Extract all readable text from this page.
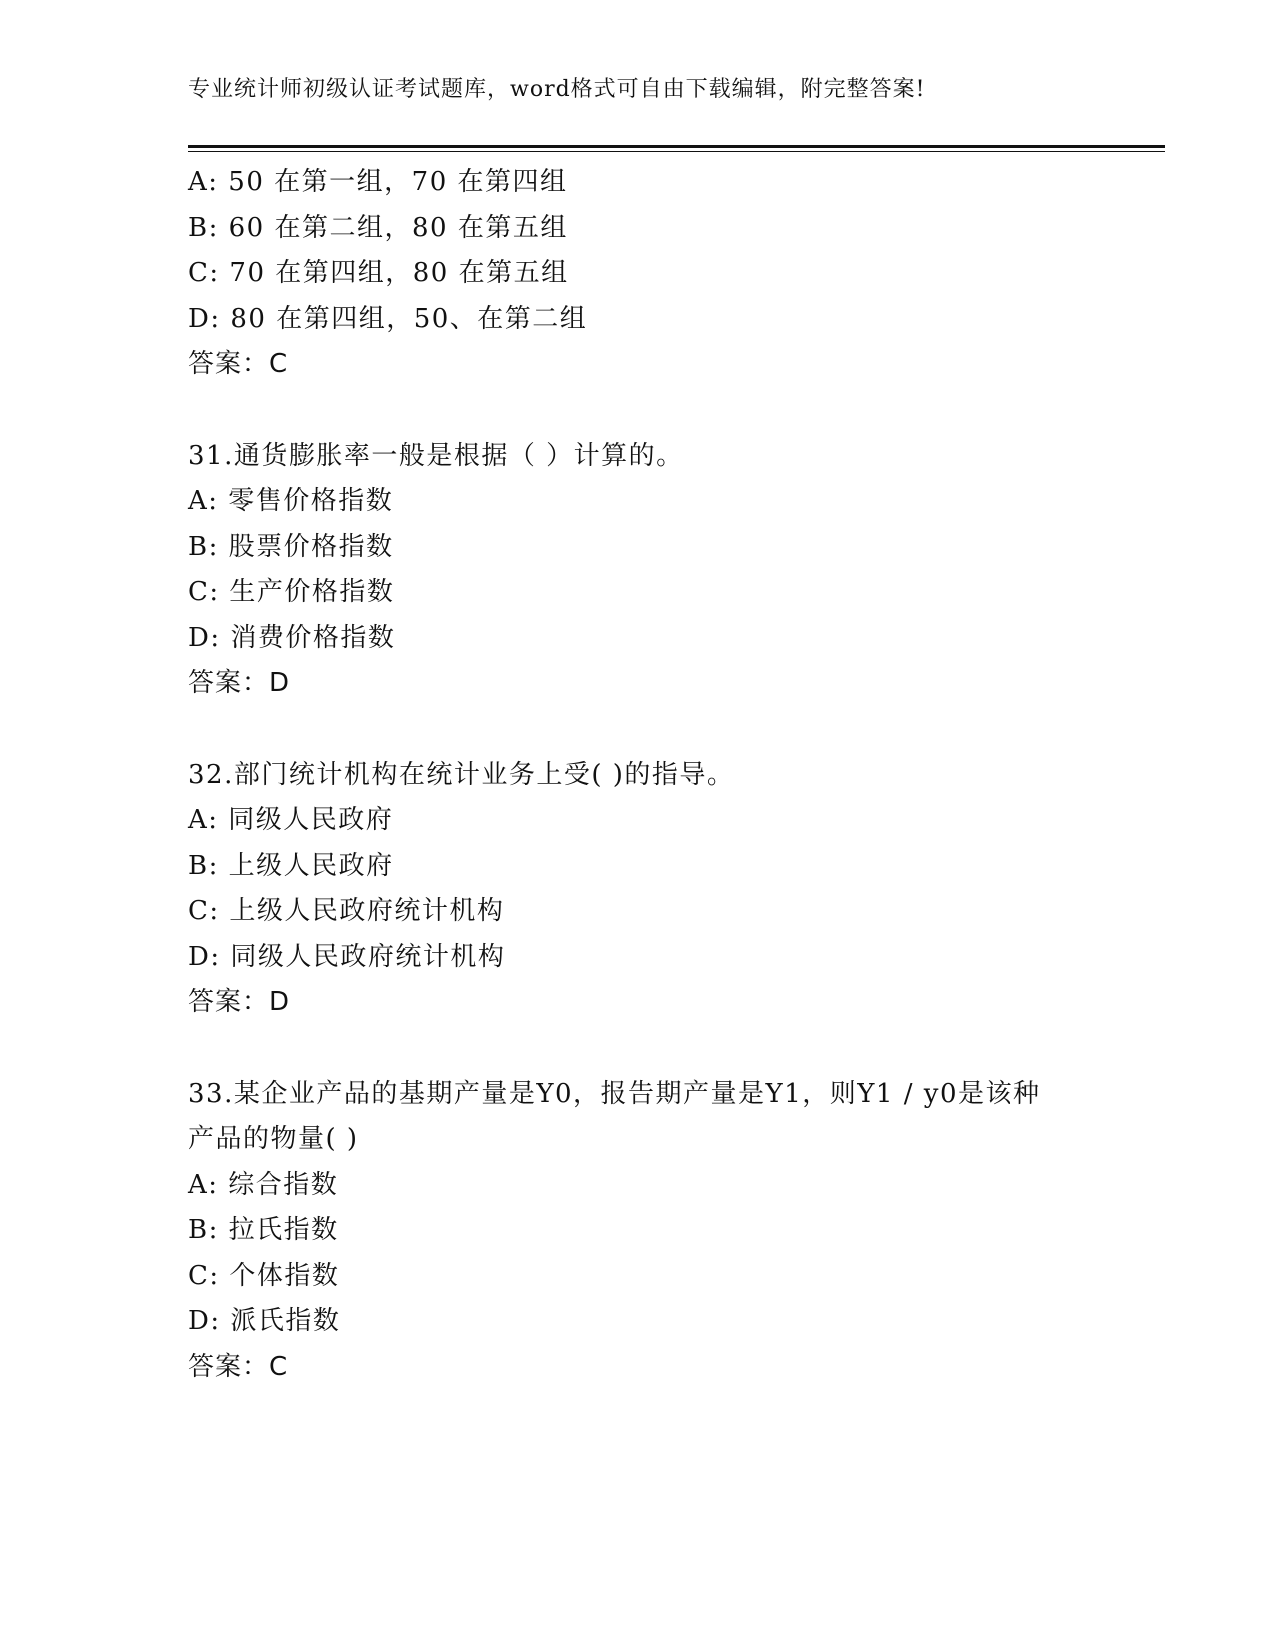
专业统计师初级认证考试题库，word格式可自由下载编辑，附完整答案!
A: 50 在第一组，70 在第四组
B: 60 在第二组，80 在第五组
C: 70 在第四组，80 在第五组
D: 80 在第四组，50、在第二组
答案：C
31.通货膨胀率一般是根据（ ）计算的。
A: 零售价格指数
B: 股票价格指数
C: 生产价格指数
D: 消费价格指数
答案：D
32.部门统计机构在统计业务上受( )的指导。
A: 同级人民政府
B: 上级人民政府
C: 上级人民政府统计机构
D: 同级人民政府统计机构
答案：D
33.某企业产品的基期产量是Y0，报告期产量是Y1，则Y1 / y0是该种
产品的物量( )
A: 综合指数
B: 拉氏指数
C: 个体指数
D: 派氏指数
答案：C
